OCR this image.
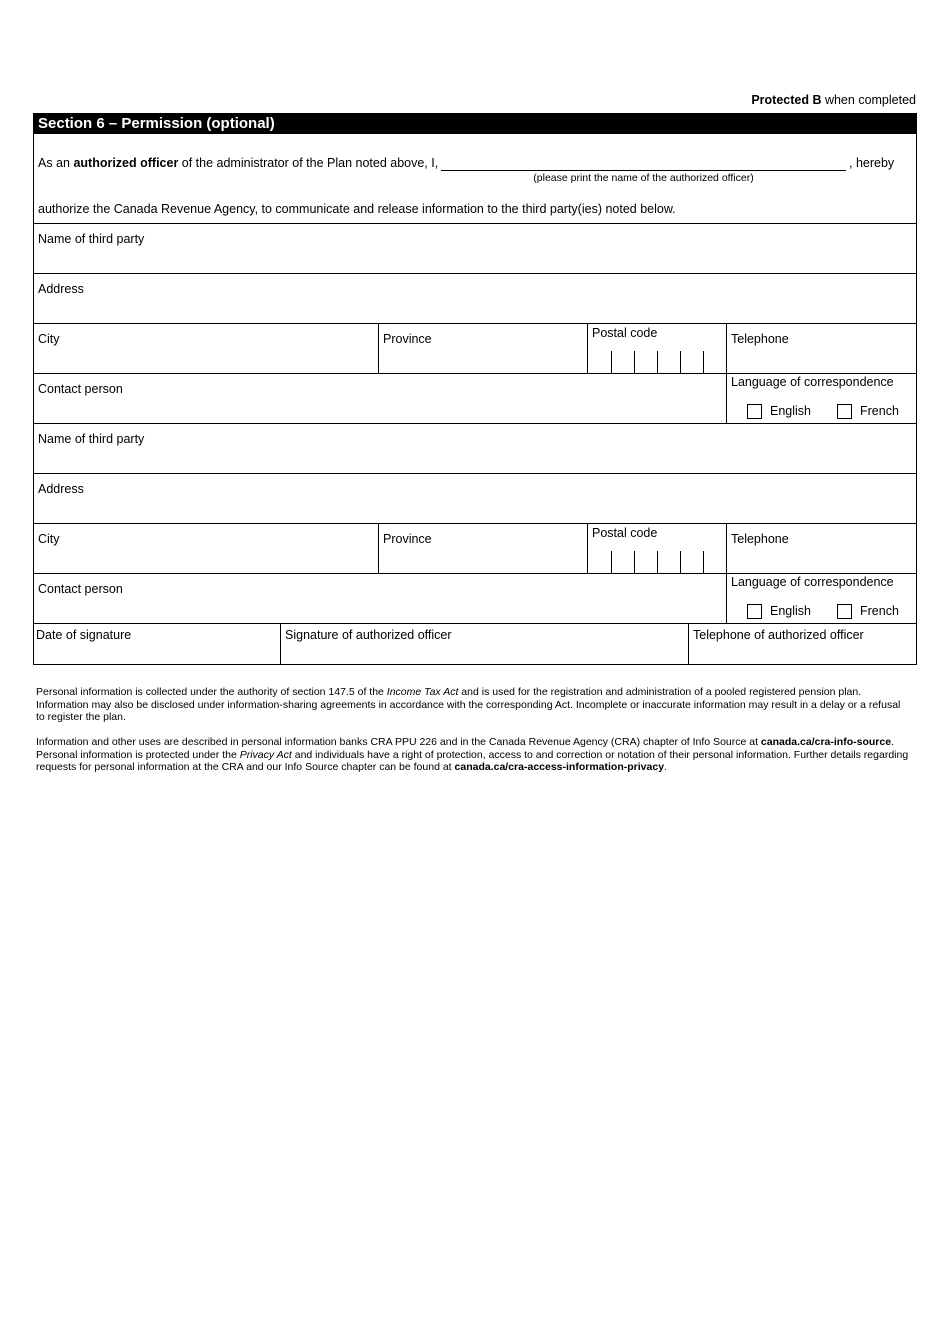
Protected B when completed
Section 6 – Permission (optional)
As an authorized officer of the administrator of the Plan noted above, I,	, hereby
(please print the name of the authorized officer)
authorize the Canada Revenue Agency, to communicate and release information to the third party(ies) noted below.
Name of third party
Address
City	Province	Postal code	Telephone
Contact person	Language of correspondence
English	French
Name of third party
Address
City	Province	Postal code	Telephone
Contact person	Language of correspondence
English	French
Date of signature	Signature of authorized officer	Telephone of authorized officer

Personal information is collected under the authority of section 147.5 of the Income Tax Act and is used for the registration and administration of a pooled registered pension plan. Information may also be disclosed under information-sharing agreements in accordance with the corresponding Act. Incomplete or inaccurate information may result in a delay or a refusal to register the plan.

Information and other uses are described in personal information banks CRA PPU 226 and in the Canada Revenue Agency (CRA) chapter of Info Source at canada.ca/cra-info-source. Personal information is protected under the Privacy Act and individuals have a right of protection, access to and correction or notation of their personal information. Further details regarding requests for personal information at the CRA and our Info Source chapter can be found at canada.ca/cra-access-information-privacy.
